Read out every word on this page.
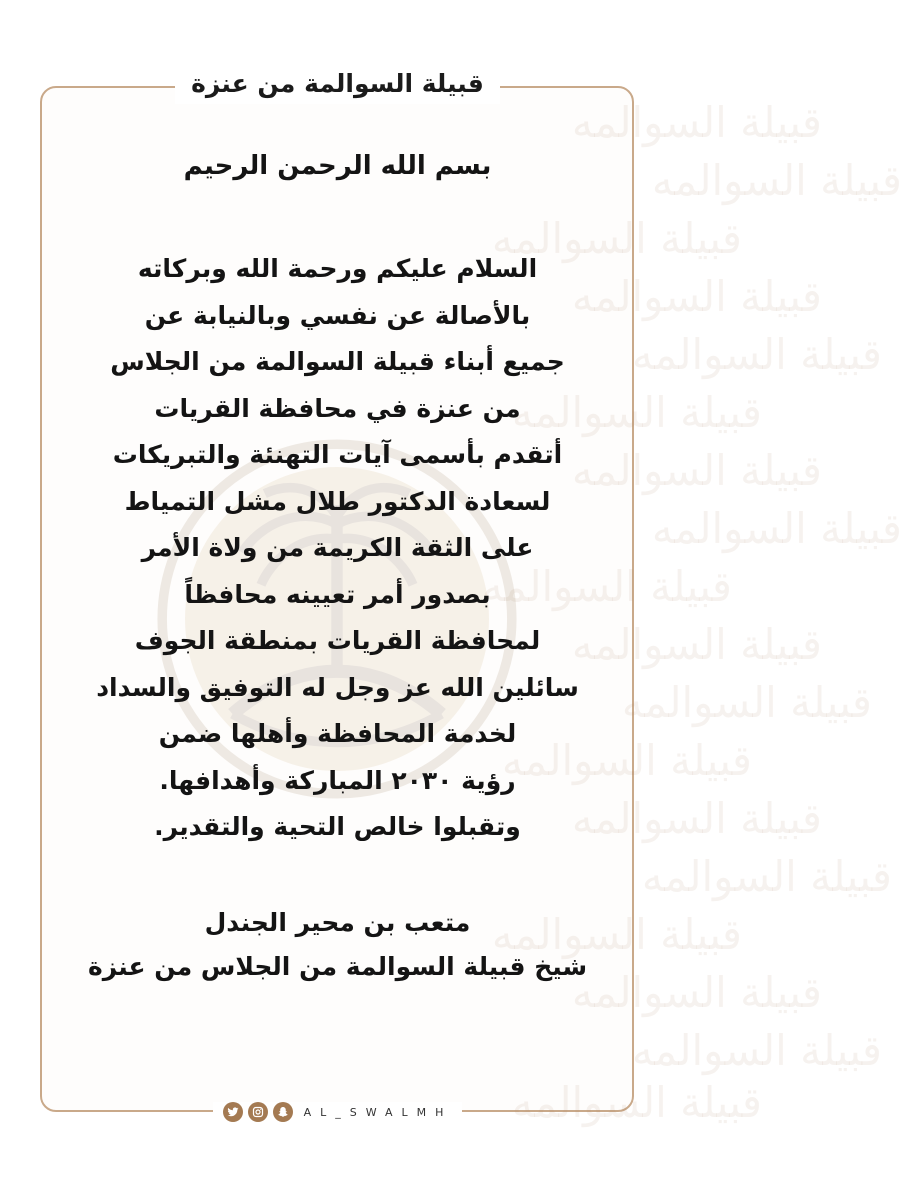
قبيلة السوالمه
قبيلة السوالمه
قبيلة السوالمه
قبيلة السوالمه
قبيلة السوالمه
قبيلة السوالمه
قبيلة السوالمه
قبيلة السوالمه
قبيلة السوالمه
قبيلة السوالمه
قبيلة السوالمه
قبيلة السوالمه
قبيلة السوالمه
قبيلة السوالمه
قبيلة السوالمه
قبيلة السوالمه
قبيلة السوالمه
قبيلة السوالمه
قبيلة السوالمة من عنزة
بسم الله الرحمن الرحيم
السلام عليكم ورحمة الله وبركاته
بالأصالة عن نفسي وبالنيابة عن
جميع أبناء قبيلة السوالمة من الجلاس
من عنزة في محافظة القريات
أتقدم بأسمى آيات التهنئة والتبريكات
لسعادة الدكتور طلال مشل التمياط
على الثقة الكريمة من ولاة الأمر
بصدور أمر تعيينه محافظاً
لمحافظة القريات بمنطقة الجوف
سائلين الله عز وجل له التوفيق والسداد
لخدمة المحافظة وأهلها ضمن
رؤية ٢٠٣٠ المباركة وأهدافها.
وتقبلوا خالص التحية والتقدير.
متعب بن محير الجندل
شيخ قبيلة السوالمة من الجلاس من عنزة
AL_SWALMH
